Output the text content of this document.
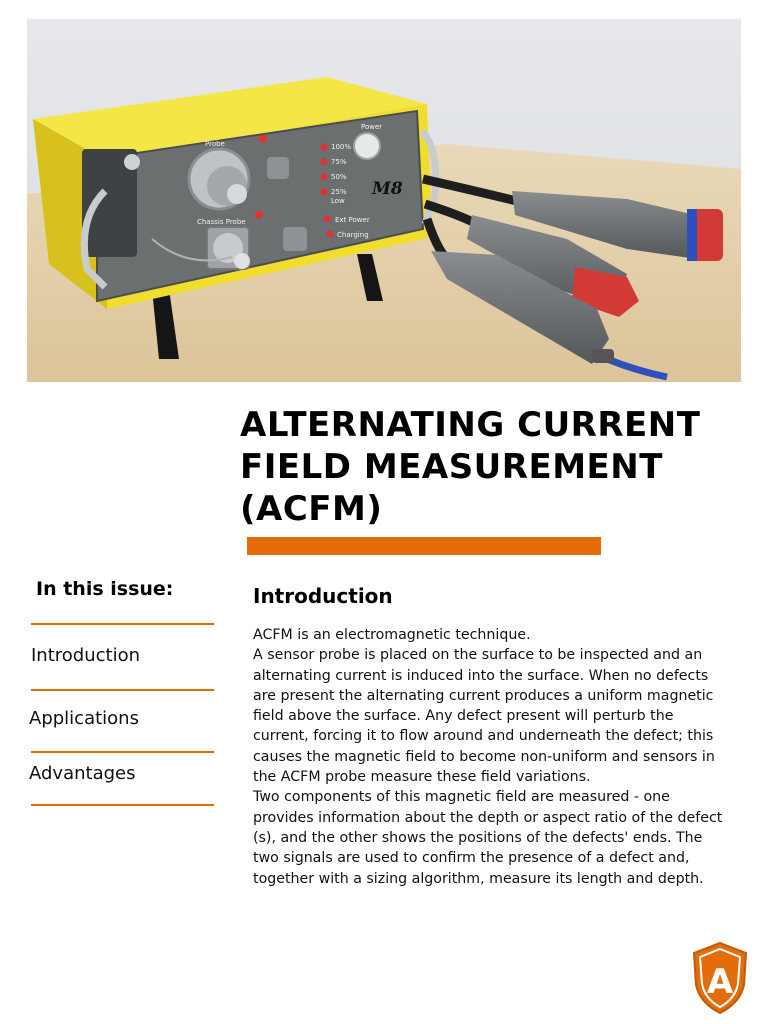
Probe
Chassis Probe
Power
100%
75%
50%
25%
Low
Ext Power
Charging
M8
ALTERNATING CURRENT
FIELD MEASUREMENT
(ACFM)
In this issue:
Introduction
Applications
Advantages
Introduction

ACFM is an electromagnetic technique.

A sensor probe is placed on the surface to be inspected and an alternating current is induced into the surface. When no defects are present the alternating current produces a uniform magnetic field above the surface. Any defect present will perturb the current, forcing it to flow around and underneath the defect; this causes the magnetic field to become non-uniform and sensors in the ACFM probe measure these field variations.

Two components of this magnetic field are measured - one provides information about the depth or aspect ratio of the defect (s), and the other shows the positions of the defects' ends. The two signals are used to confirm the presence of a defect and, together with a sizing algorithm, measure its length and depth.

A
